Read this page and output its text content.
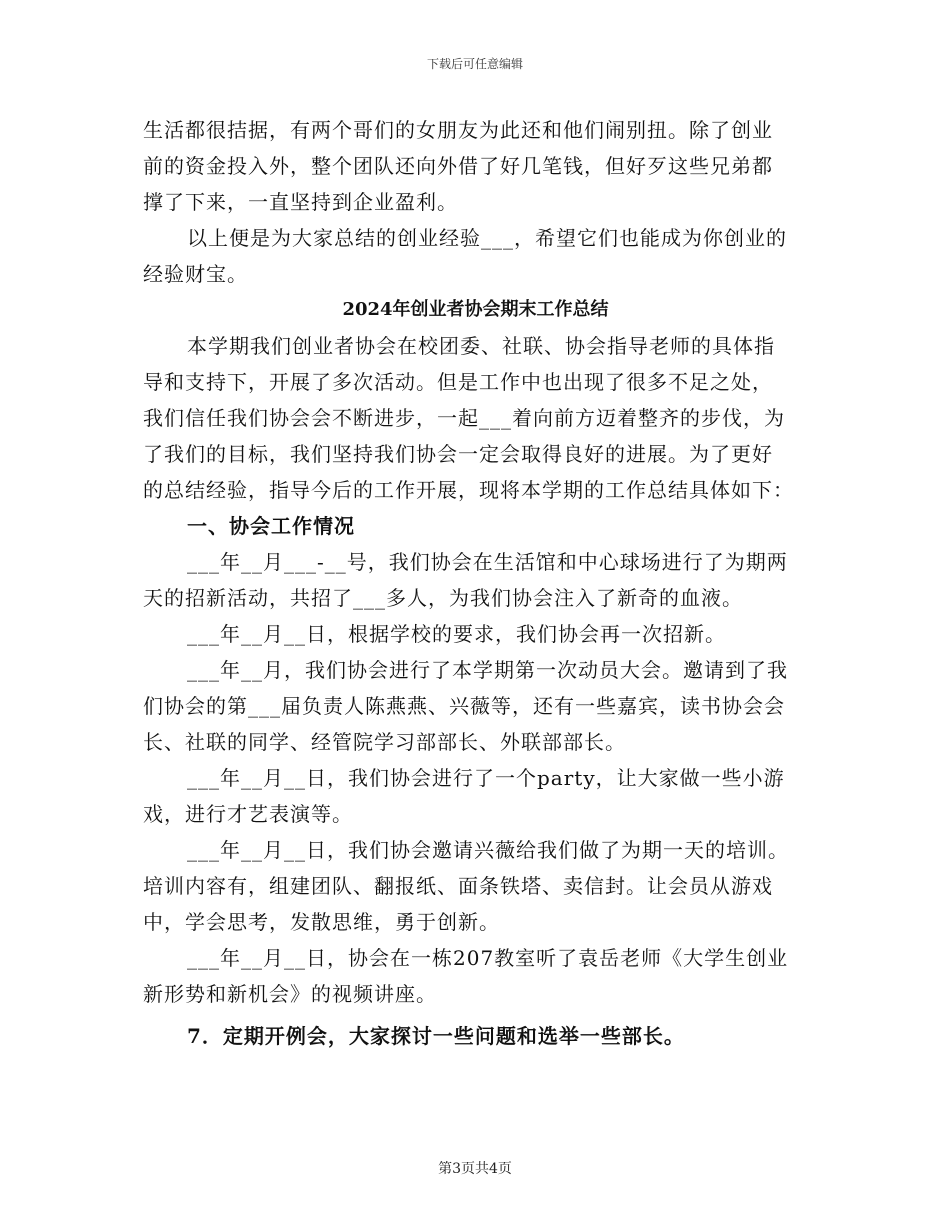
下载后可任意编辑

生活都很拮据，有两个哥们的女朋友为此还和他们闹别扭。除了创业
前的资金投入外，整个团队还向外借了好几笔钱，但好歹这些兄弟都
撑了下来，一直坚持到企业盈利。

以上便是为大家总结的创业经验___，希望它们也能成为你创业的
经验财宝。

2024年创业者协会期末工作总结

本学期我们创业者协会在校团委、社联、协会指导老师的具体指
导和支持下，开展了多次活动。但是工作中也出现了很多不足之处，
我们信任我们协会会不断进步，一起___着向前方迈着整齐的步伐，为
了我们的目标，我们坚持我们协会一定会取得良好的进展。为了更好
的总结经验，指导今后的工作开展，现将本学期的工作总结具体如下：

一、协会工作情况

___年__月___-__号，我们协会在生活馆和中心球场进行了为期两
天的招新活动，共招了___多人，为我们协会注入了新奇的血液。

___年__月__日，根据学校的要求，我们协会再一次招新。

___年__月，我们协会进行了本学期第一次动员大会。邀请到了我
们协会的第___届负责人陈燕燕、兴薇等，还有一些嘉宾，读书协会会
长、社联的同学、经管院学习部部长、外联部部长。

___年__月__日，我们协会进行了一个party，让大家做一些小游
戏，进行才艺表演等。

___年__月__日，我们协会邀请兴薇给我们做了为期一天的培训。
培训内容有，组建团队、翻报纸、面条铁塔、卖信封。让会员从游戏
中，学会思考，发散思维，勇于创新。

___年__月__日，协会在一栋207教室听了袁岳老师《大学生创业
新形势和新机会》的视频讲座。

7．定期开例会，大家探讨一些问题和选举一些部长。

第3页共4页
